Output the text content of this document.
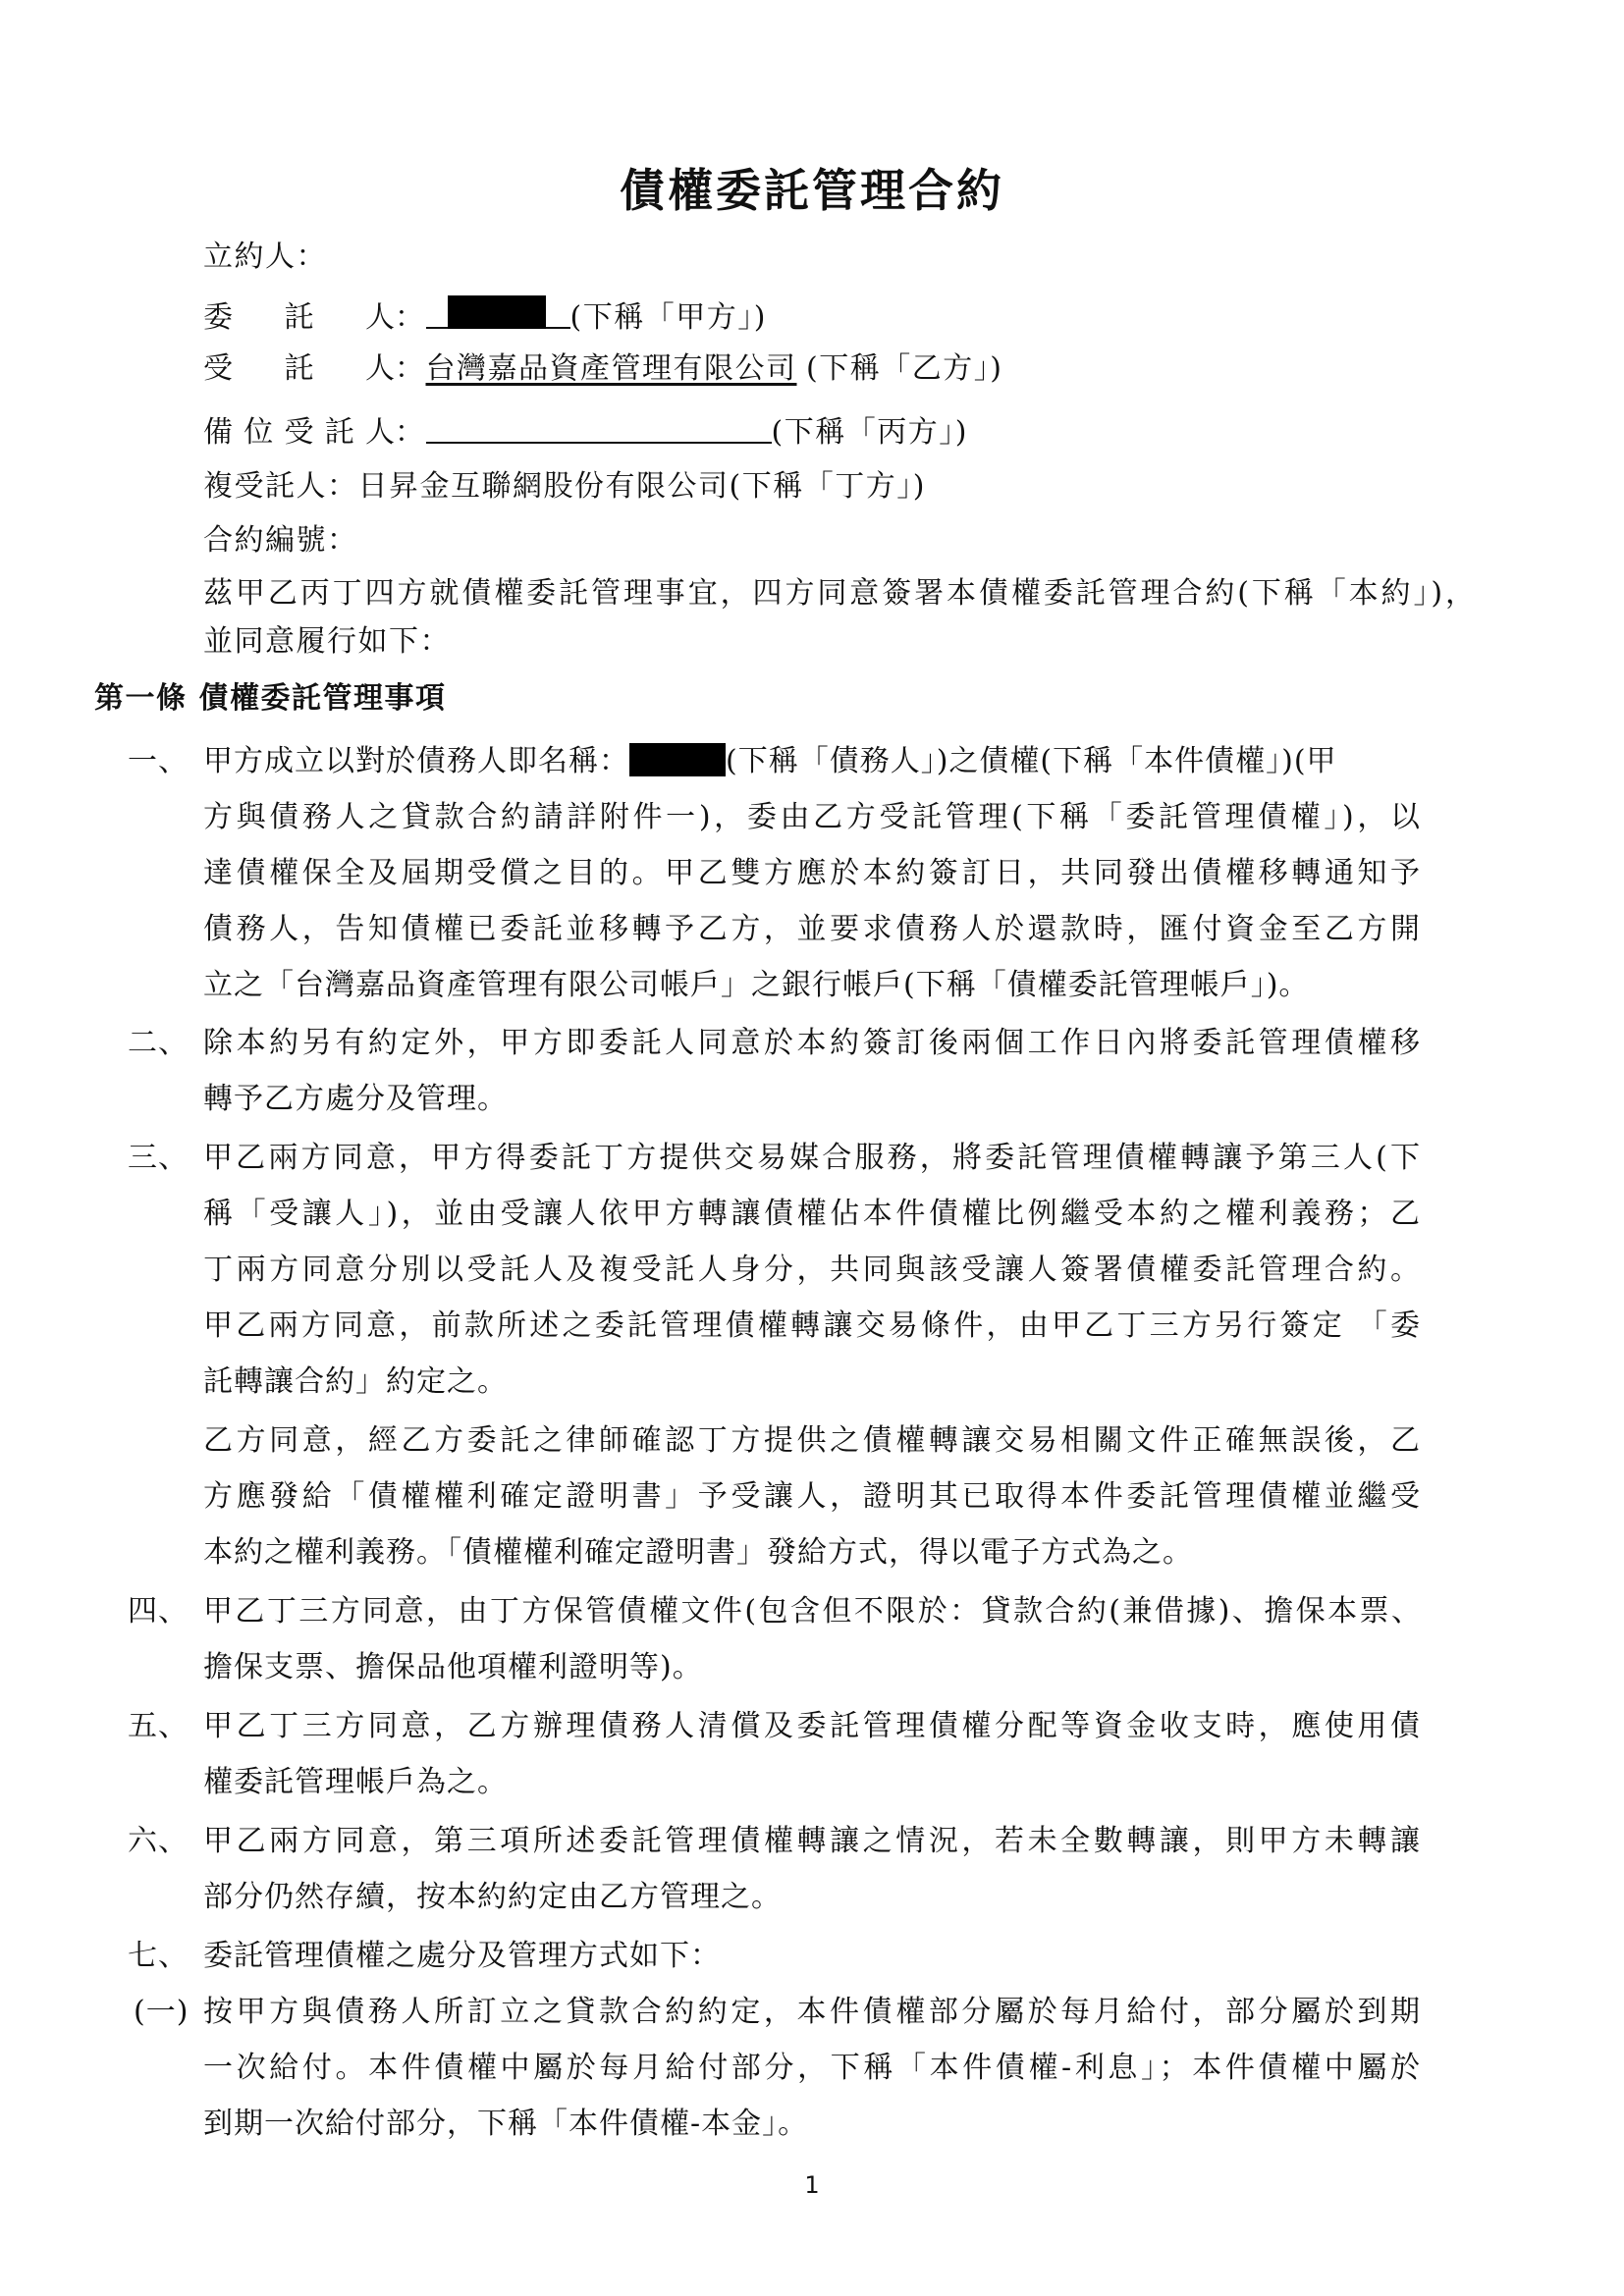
債權委託管理合約
立約人：
委　託　人：	(下稱「甲方」)
受　託　人：台灣嘉品資產管理有限公司 (下稱「乙方」)
備位受託人：	(下稱「丙方」)
複受託人：日昇金互聯網股份有限公司(下稱「丁方」)
合約編號：
茲甲乙丙丁四方就債權委託管理事宜，四方同意簽署本債權委託管理合約(下稱「本約」)，
並同意履行如下：
第一條 債權委託管理事項
一、 甲方成立以對於債務人即名稱：	(下稱「債務人」)之債權(下稱「本件債權」)(甲
方與債務人之貸款合約請詳附件一)，委由乙方受託管理(下稱「委託管理債權」)，以
達債權保全及屆期受償之目的。甲乙雙方應於本約簽訂日，共同發出債權移轉通知予
債務人，告知債權已委託並移轉予乙方，並要求債務人於還款時，匯付資金至乙方開
立之「台灣嘉品資產管理有限公司帳戶」之銀行帳戶(下稱「債權委託管理帳戶」)。
二、 除本約另有約定外，甲方即委託人同意於本約簽訂後兩個工作日內將委託管理債權移
轉予乙方處分及管理。
三、 甲乙兩方同意，甲方得委託丁方提供交易媒合服務，將委託管理債權轉讓予第三人(下
稱「受讓人」)，並由受讓人依甲方轉讓債權佔本件債權比例繼受本約之權利義務；乙
丁兩方同意分別以受託人及複受託人身分，共同與該受讓人簽署債權委託管理合約。
甲乙兩方同意，前款所述之委託管理債權轉讓交易條件，由甲乙丁三方另行簽定 「委
託轉讓合約」約定之。
乙方同意，經乙方委託之律師確認丁方提供之債權轉讓交易相關文件正確無誤後，乙
方應發給「債權權利確定證明書」予受讓人，證明其已取得本件委託管理債權並繼受
本約之權利義務。「債權權利確定證明書」發給方式，得以電子方式為之。
四、 甲乙丁三方同意，由丁方保管債權文件(包含但不限於：貸款合約(兼借據)、擔保本票、
擔保支票、擔保品他項權利證明等)。
五、 甲乙丁三方同意，乙方辦理債務人清償及委託管理債權分配等資金收支時，應使用債
權委託管理帳戶為之。
六、 甲乙兩方同意，第三項所述委託管理債權轉讓之情況，若未全數轉讓，則甲方未轉讓
部分仍然存續，按本約約定由乙方管理之。
七、 委託管理債權之處分及管理方式如下：
(一) 按甲方與債務人所訂立之貸款合約約定，本件債權部分屬於每月給付，部分屬於到期
一次給付。本件債權中屬於每月給付部分，下稱「本件債權-利息」；本件債權中屬於
到期一次給付部分，下稱「本件債權-本金」。
1
